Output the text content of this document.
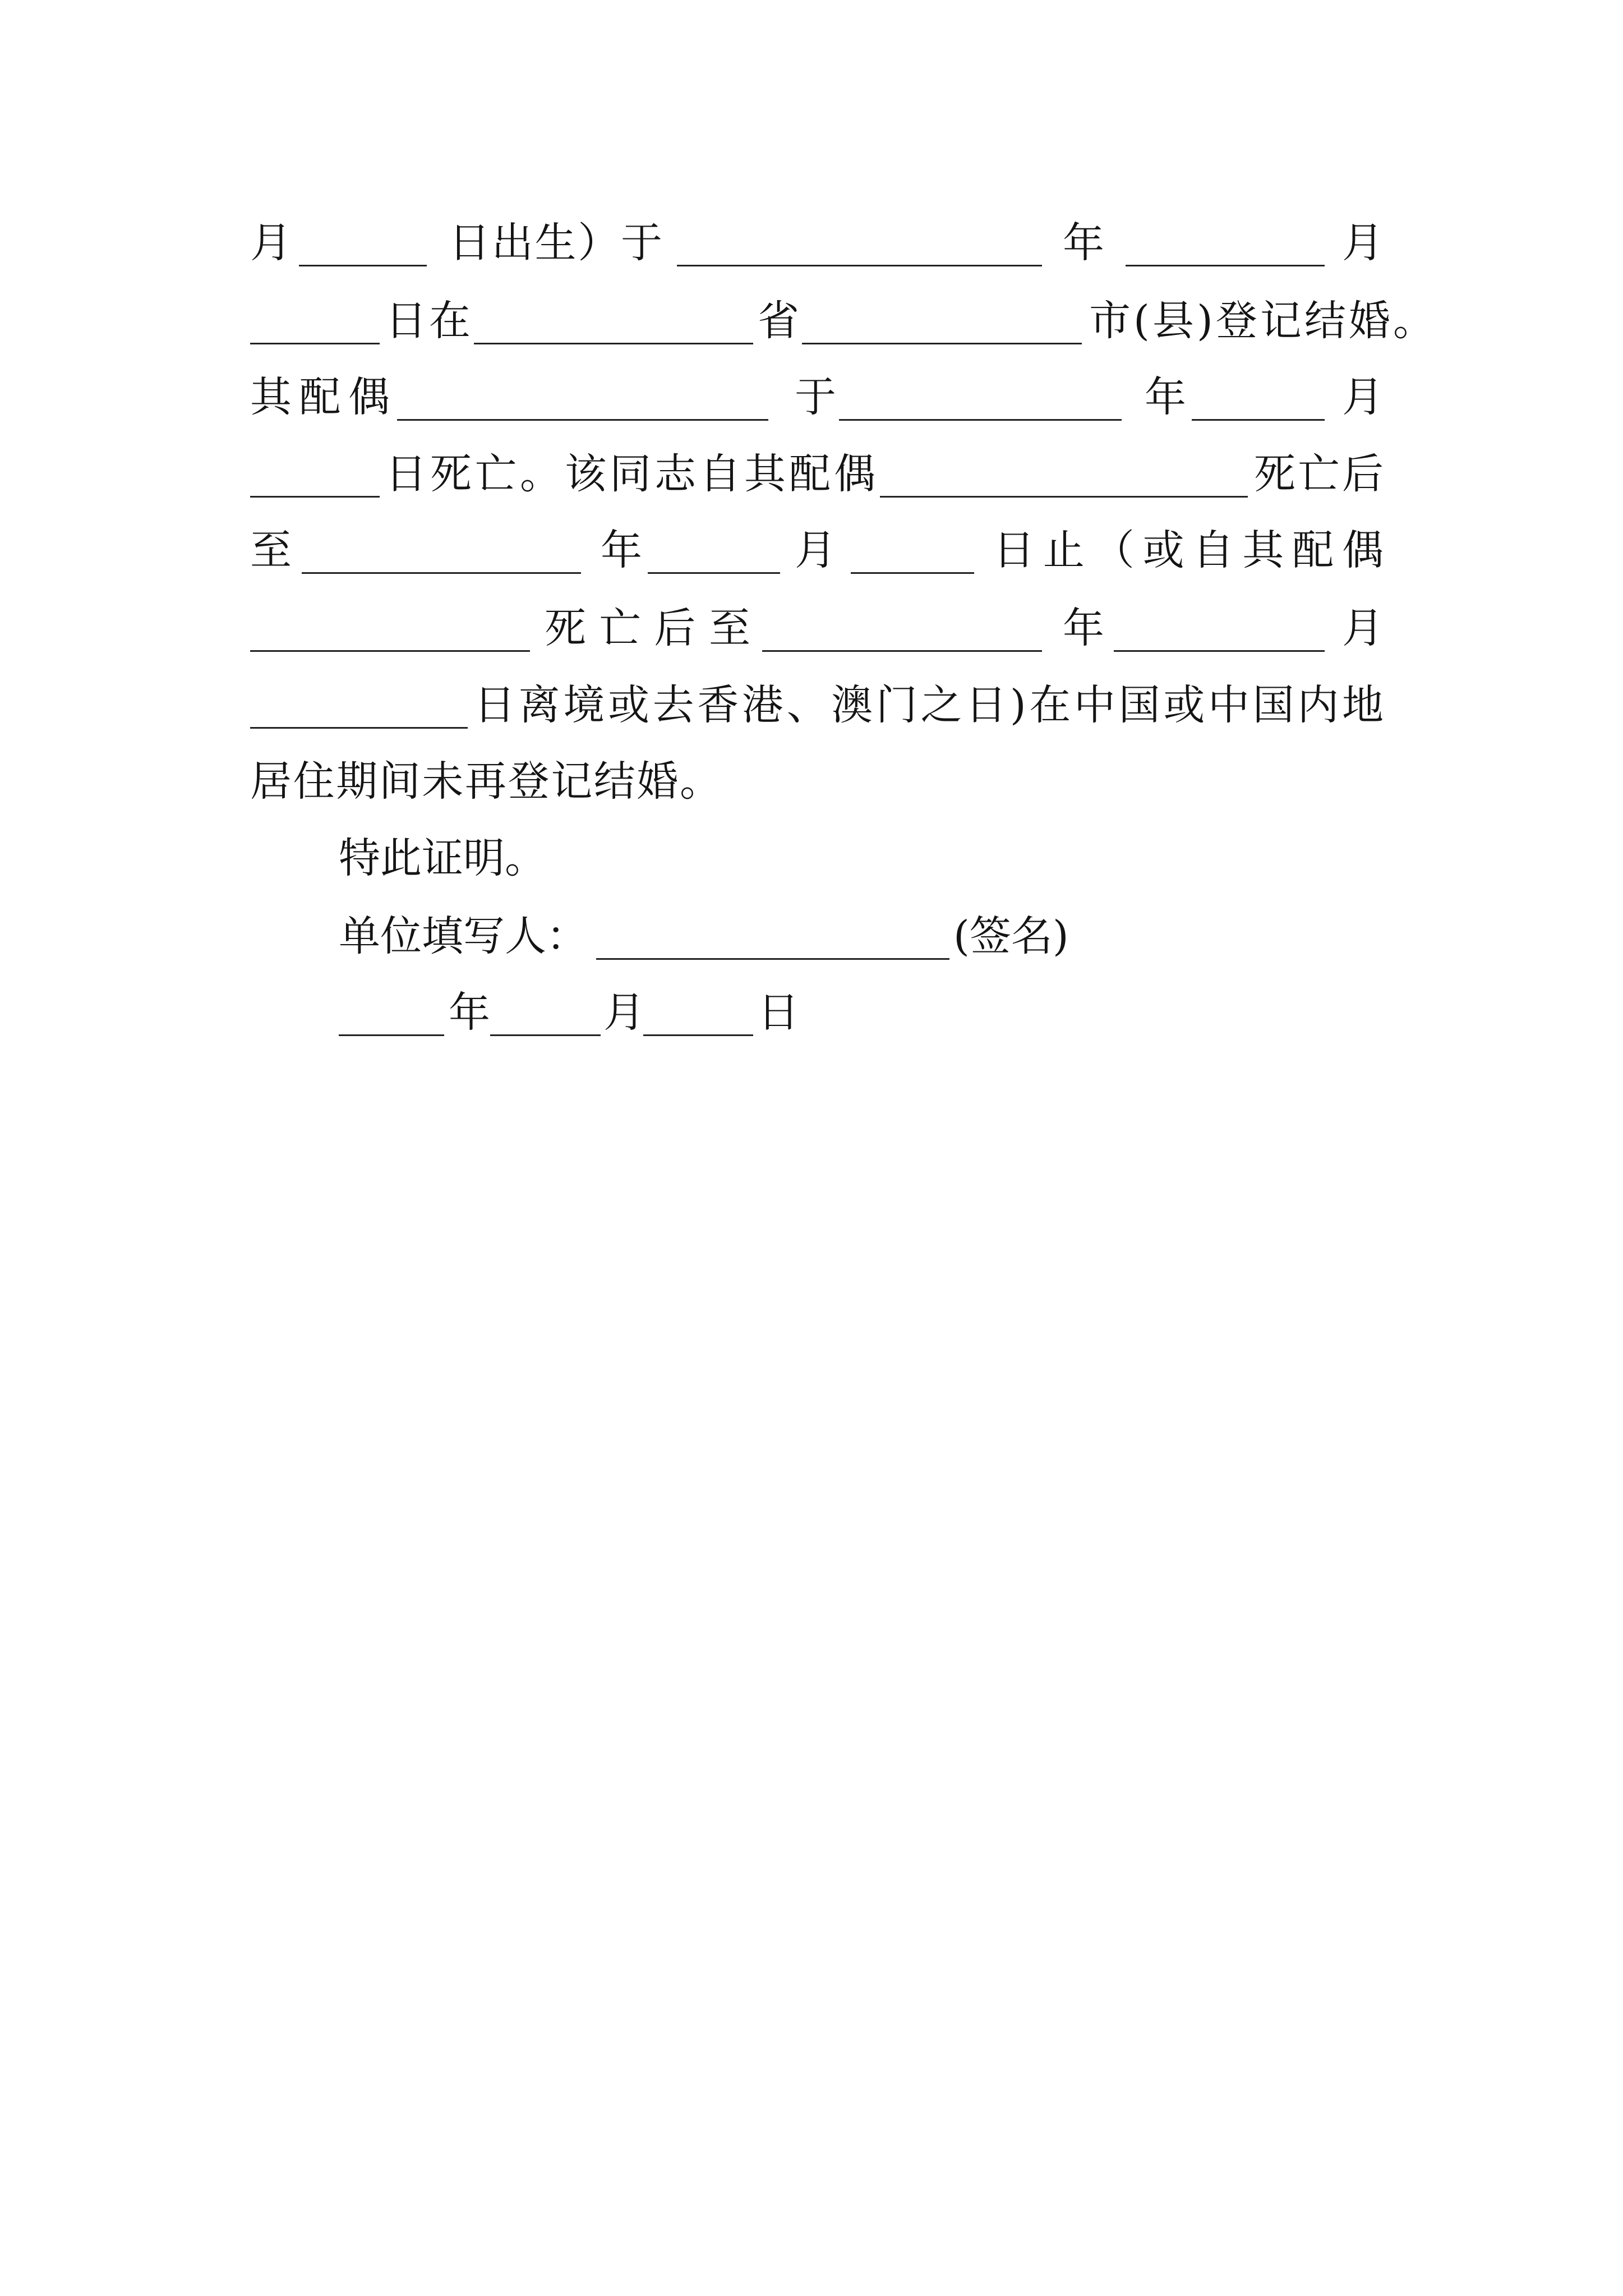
月	日出生）于	年	月
日在	省	市(县)登记结婚。
其配偶	于	年	月
日死亡。该同志自其配偶	死亡后
至	年	月	日止（或自其配偶
死亡后至	年	月
日离境或去香港、澳门之日)在中国或中国内地
居住期间未再登记结婚。
特此证明。
单位填写人：	(签名)
年	月	日
